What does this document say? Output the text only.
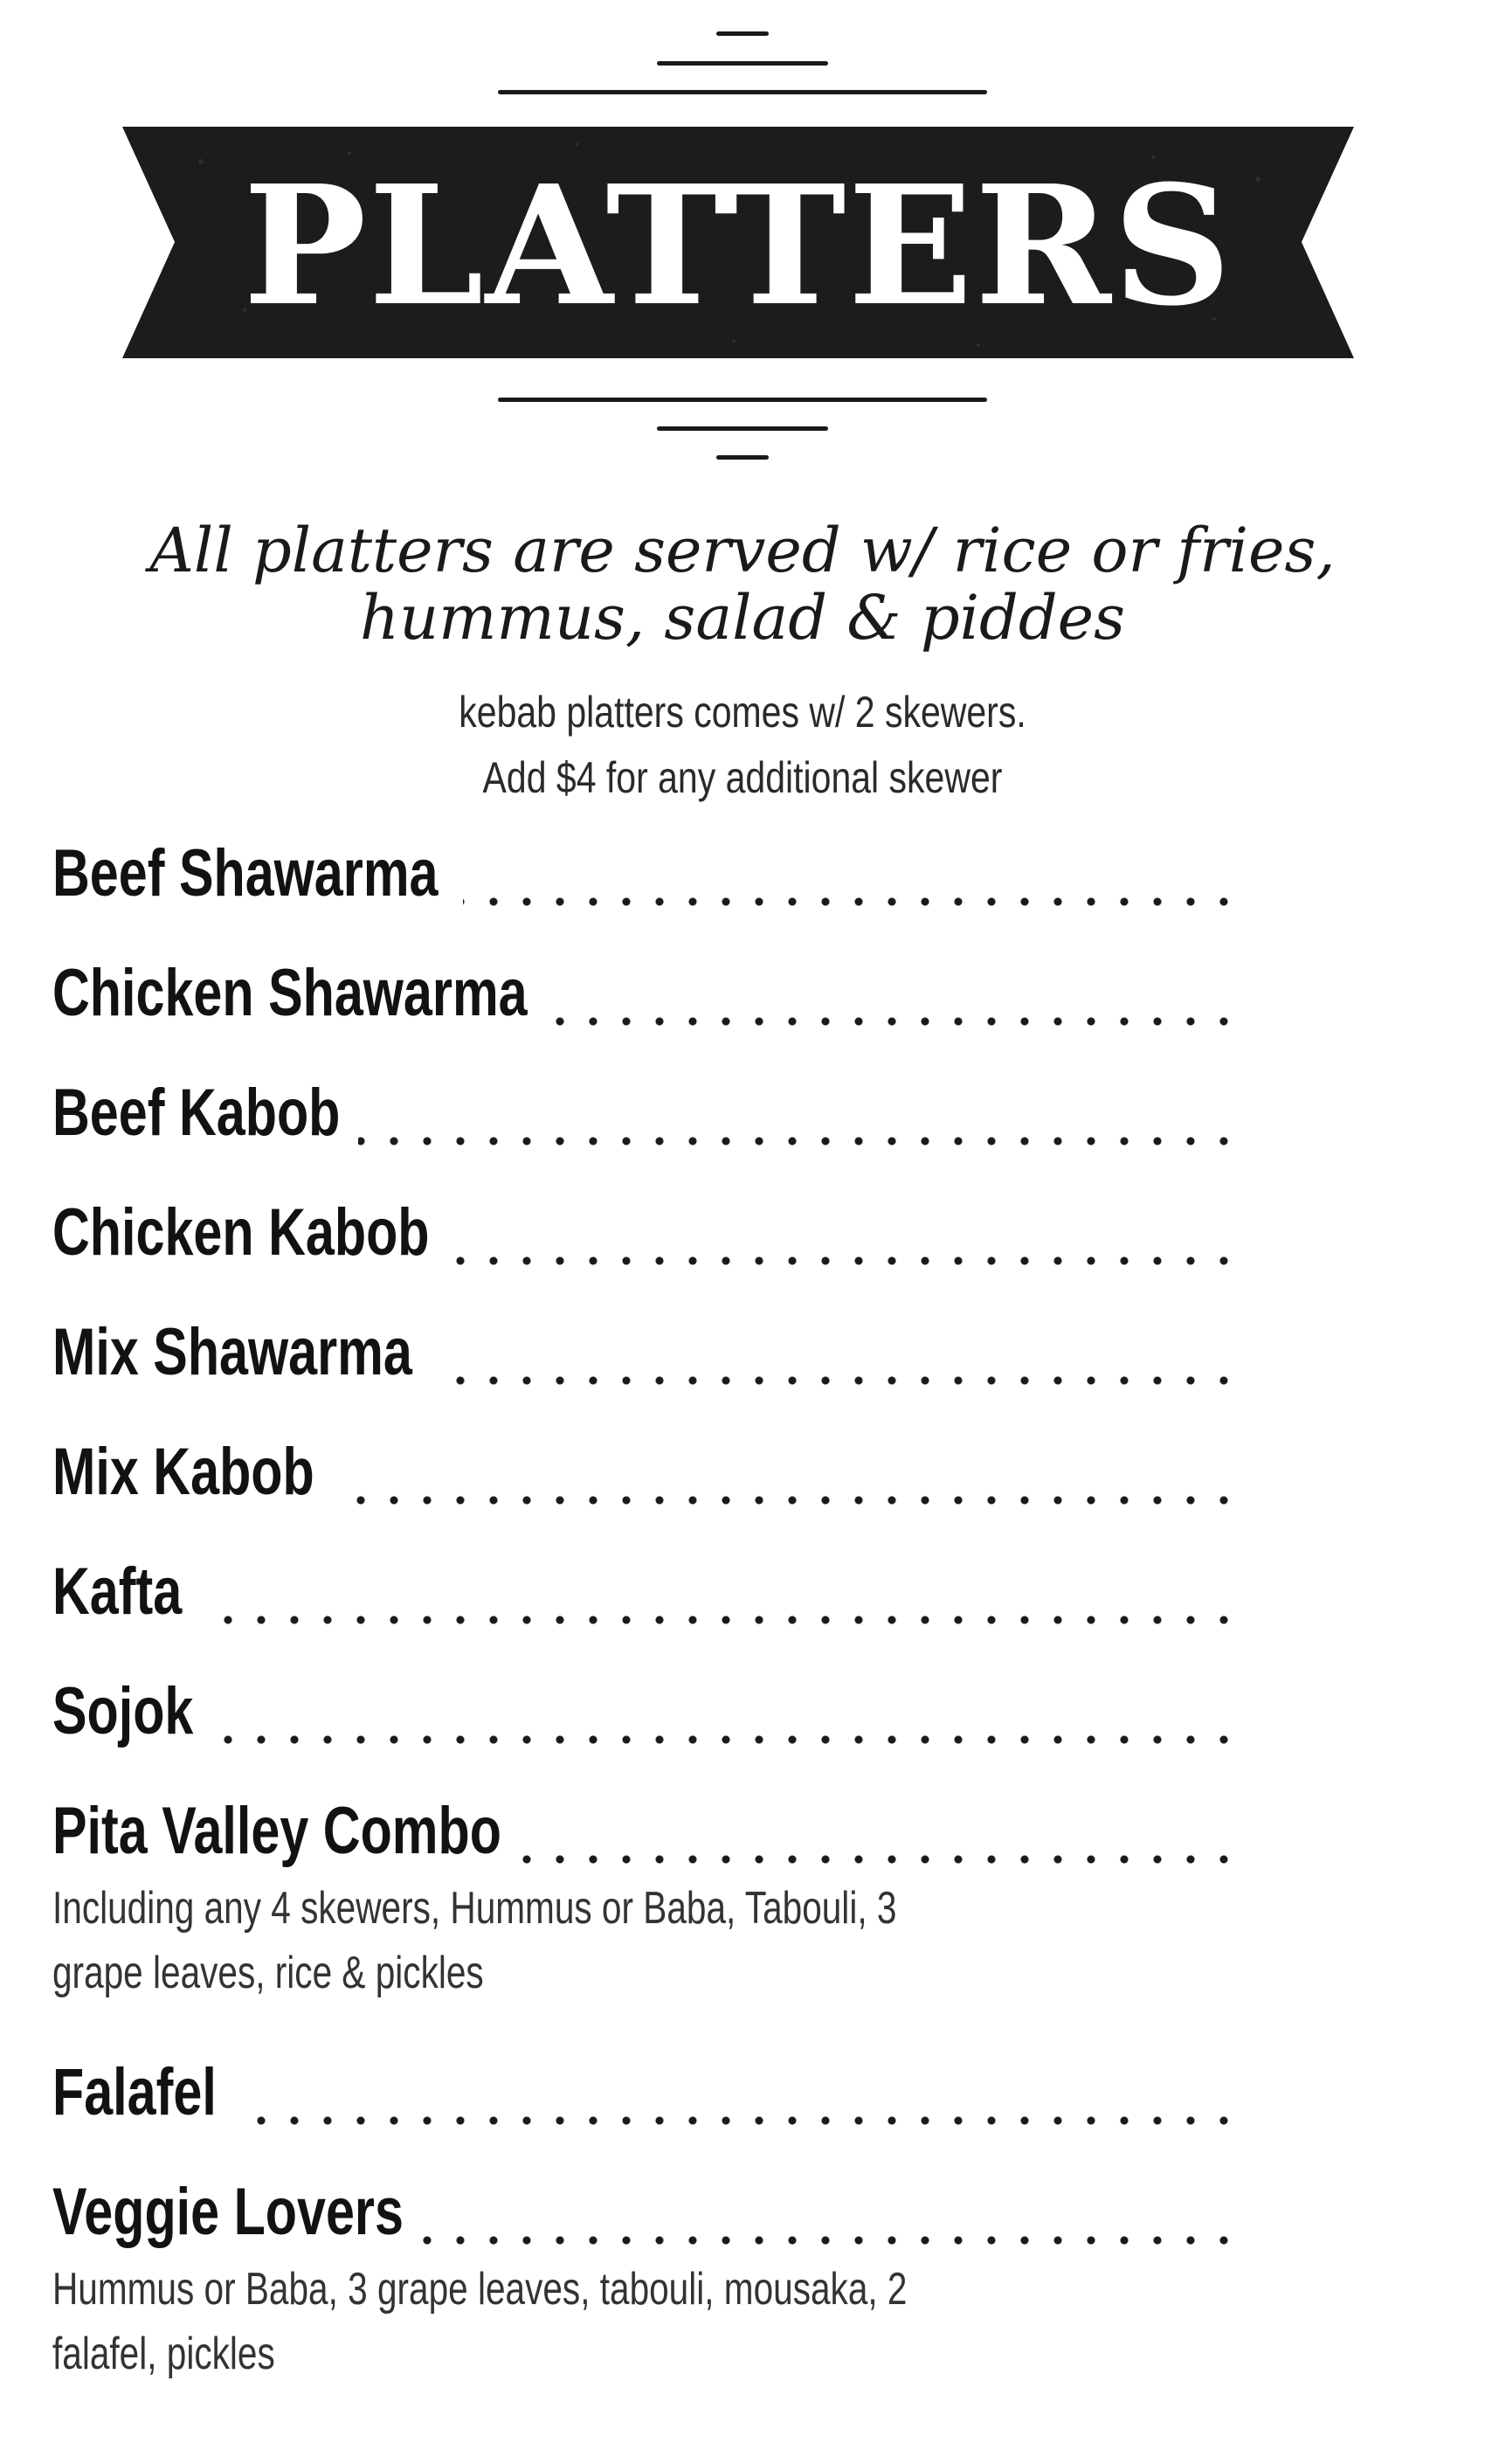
PLATTERS
All platters are served w/ rice or fries,
hummus, salad & piddes
kebab platters comes w/ 2 skewers.
Add $4 for any additional skewer
Beef Shawarma
Chicken Shawarma
Beef Kabob
Chicken Kabob
Mix Shawarma
Mix Kabob
Kafta
Sojok
Pita Valley Combo
Including any 4 skewers, Hummus or Baba, Tabouli, 3
grape leaves, rice & pickles
Falafel
Veggie Lovers
Hummus or Baba, 3 grape leaves, tabouli, mousaka, 2
falafel, pickles
